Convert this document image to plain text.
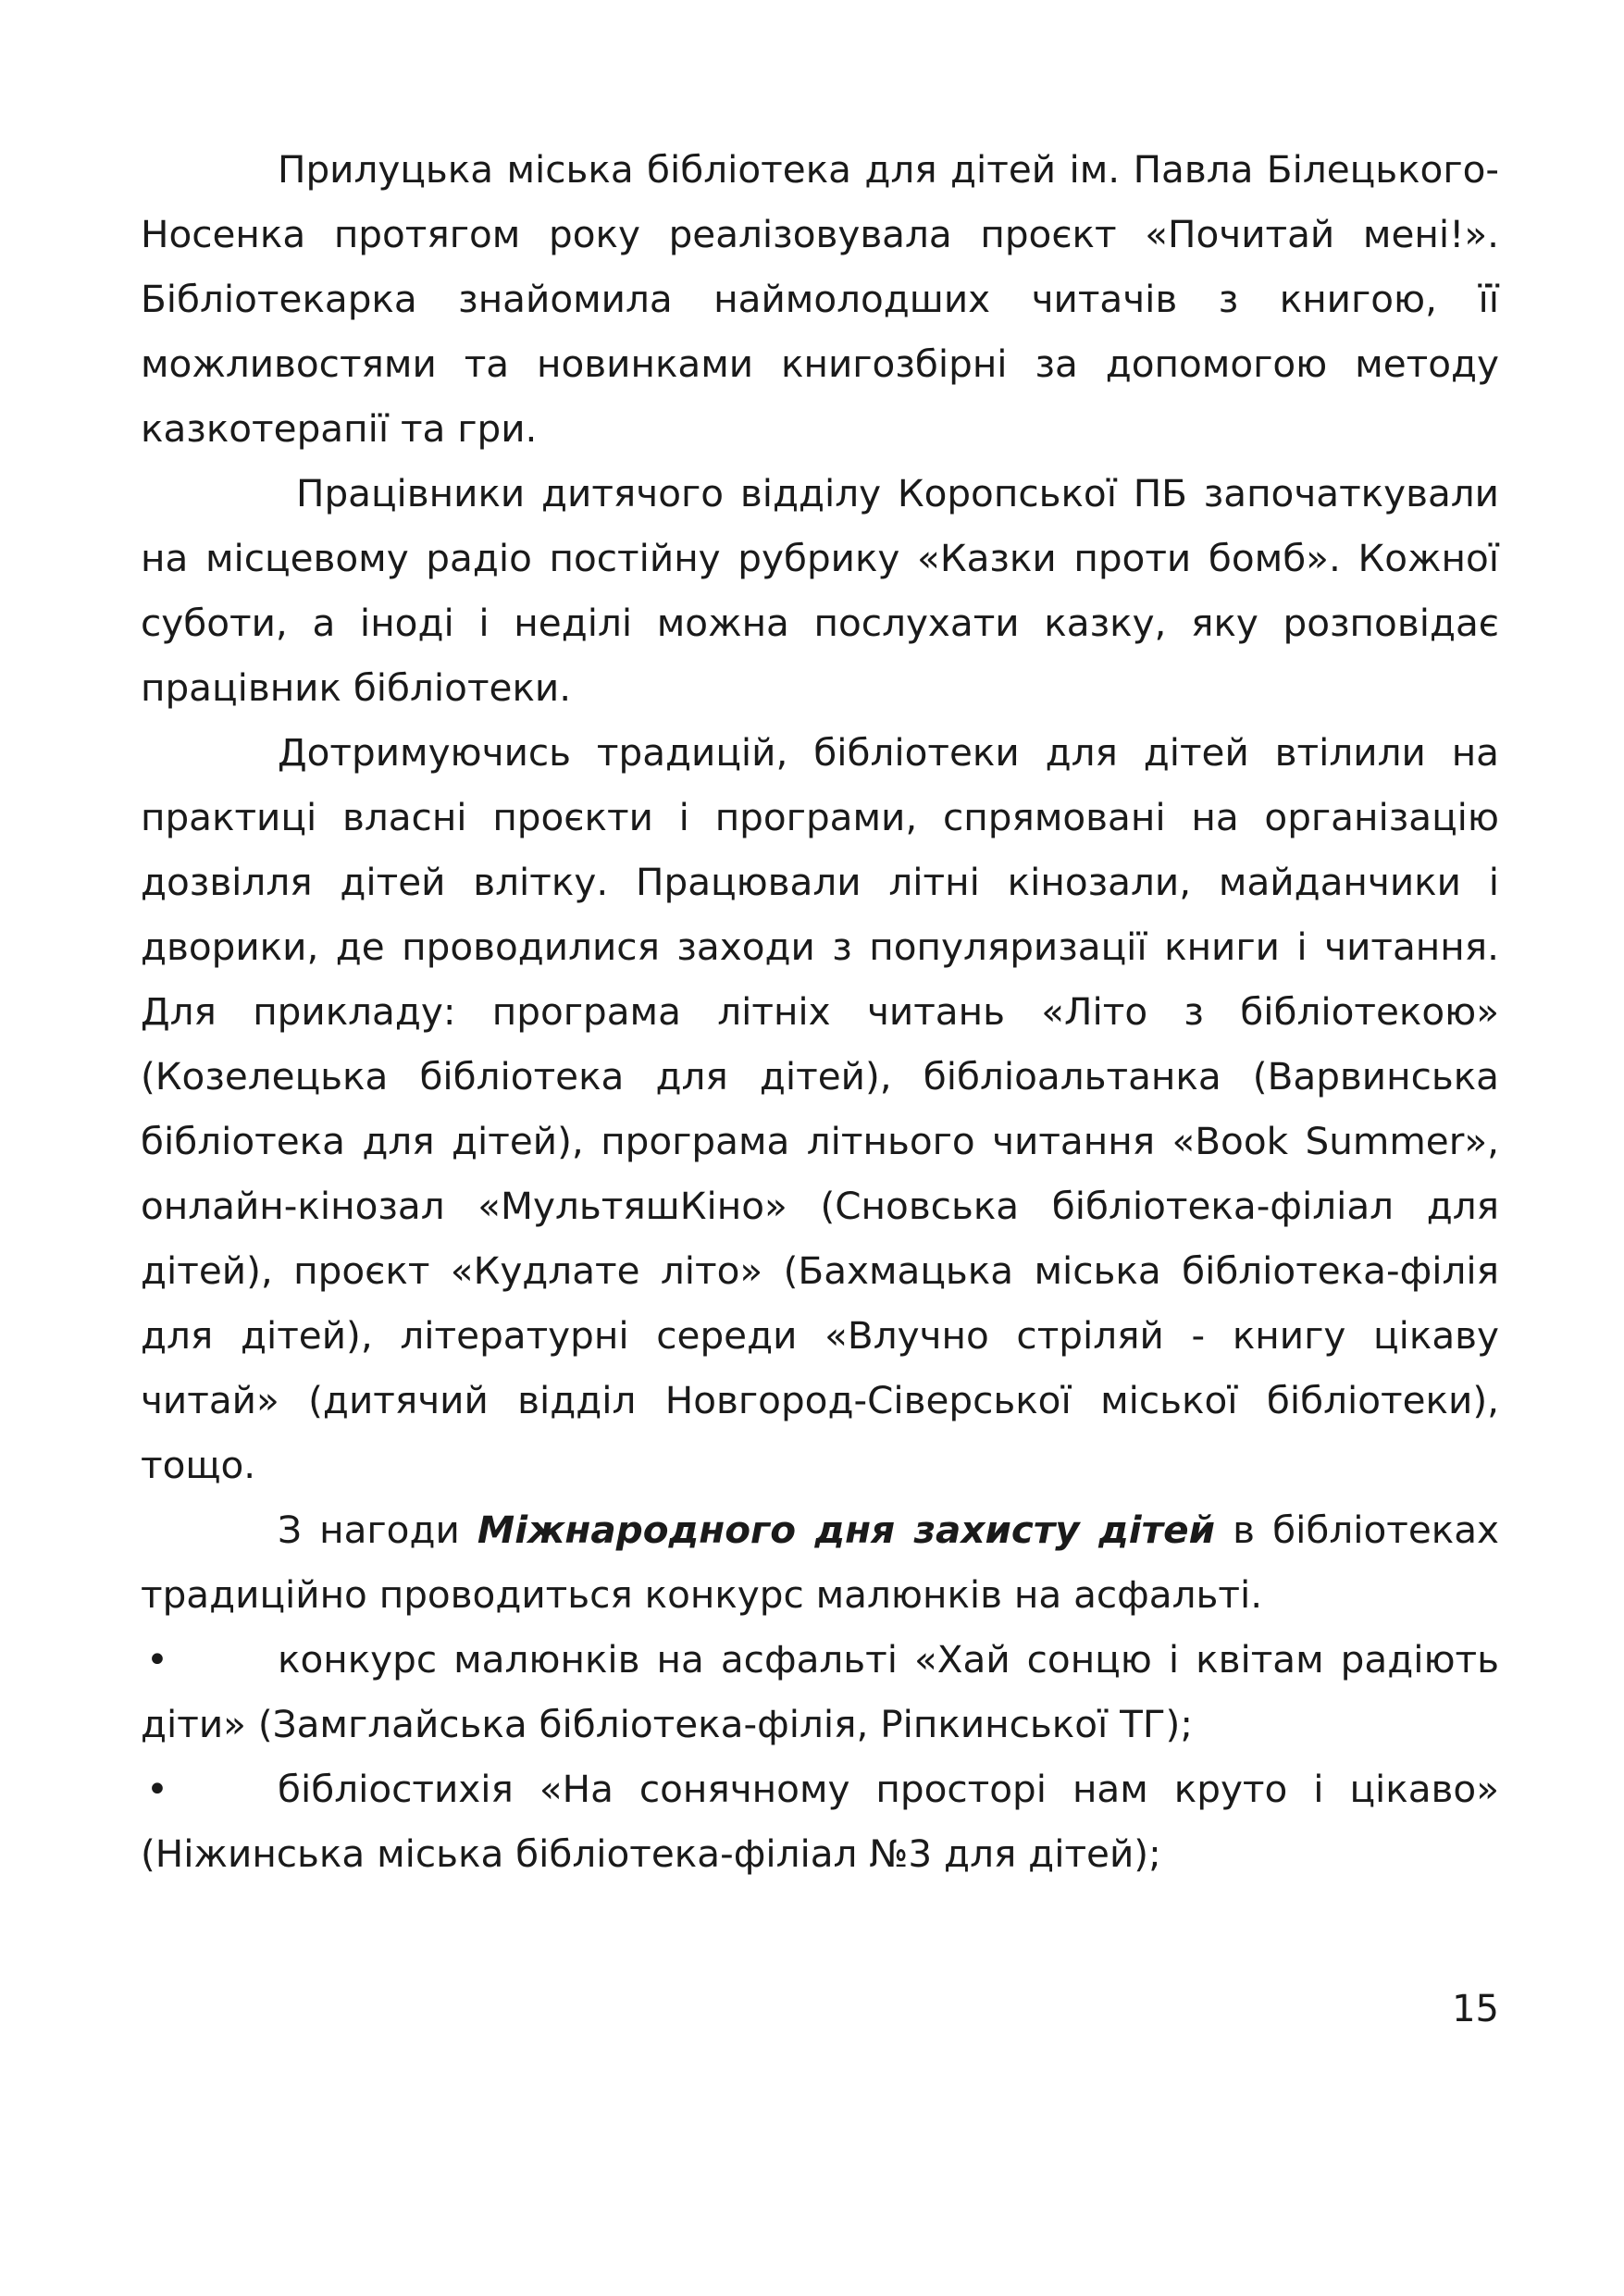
Прилуцька міська бібліотека для дітей ім. Павла Білецького-Носенка протягом року реалізовувала проєкт «Почитай мені!». Бібліотекарка знайомила наймолодших читачів з книгою, її можливостями та новинками книгозбірні за допомогою методу казкотерапії та гри.

Працівники дитячого відділу Коропської ПБ започаткували на місцевому радіо постійну рубрику «Казки проти бомб». Кожної суботи, а іноді і неділі можна послухати казку, яку розповідає працівник бібліотеки.

Дотримуючись традицій, бібліотеки для дітей втілили на практиці власні проєкти і програми, спрямовані на організацію дозвілля дітей влітку. Працювали літні кінозали, майданчики і дворики, де проводилися заходи з популяризації книги і читання. Для прикладу: програма літніх читань «Літо з бібліотекою» (Козелецька бібліотека для дітей), бібліоальтанка (Варвинська бібліотека для дітей), програма літнього читання «Book Summer», онлайн-кінозал «МультяшКіно» (Сновська бібліотека-філіал для дітей), проєкт «Кудлате літо» (Бахмацька міська бібліотека-філія для дітей), літературні середи «Влучно стріляй - книгу цікаву читай» (дитячий відділ Новгород-Сіверської міської бібліотеки), тощо.

З нагоди Міжнародного дня захисту дітей в бібліотеках традиційно проводиться конкурс малюнків на асфальті.

•	конкурс малюнків на асфальті «Хай сонцю і квітам радіють діти» (Замглайська бібліотека-філія, Ріпкинської ТГ);
•	бібліостихія «На сонячному просторі нам круто і цікаво» (Ніжинська міська бібліотека-філіал №3 для дітей);
15
